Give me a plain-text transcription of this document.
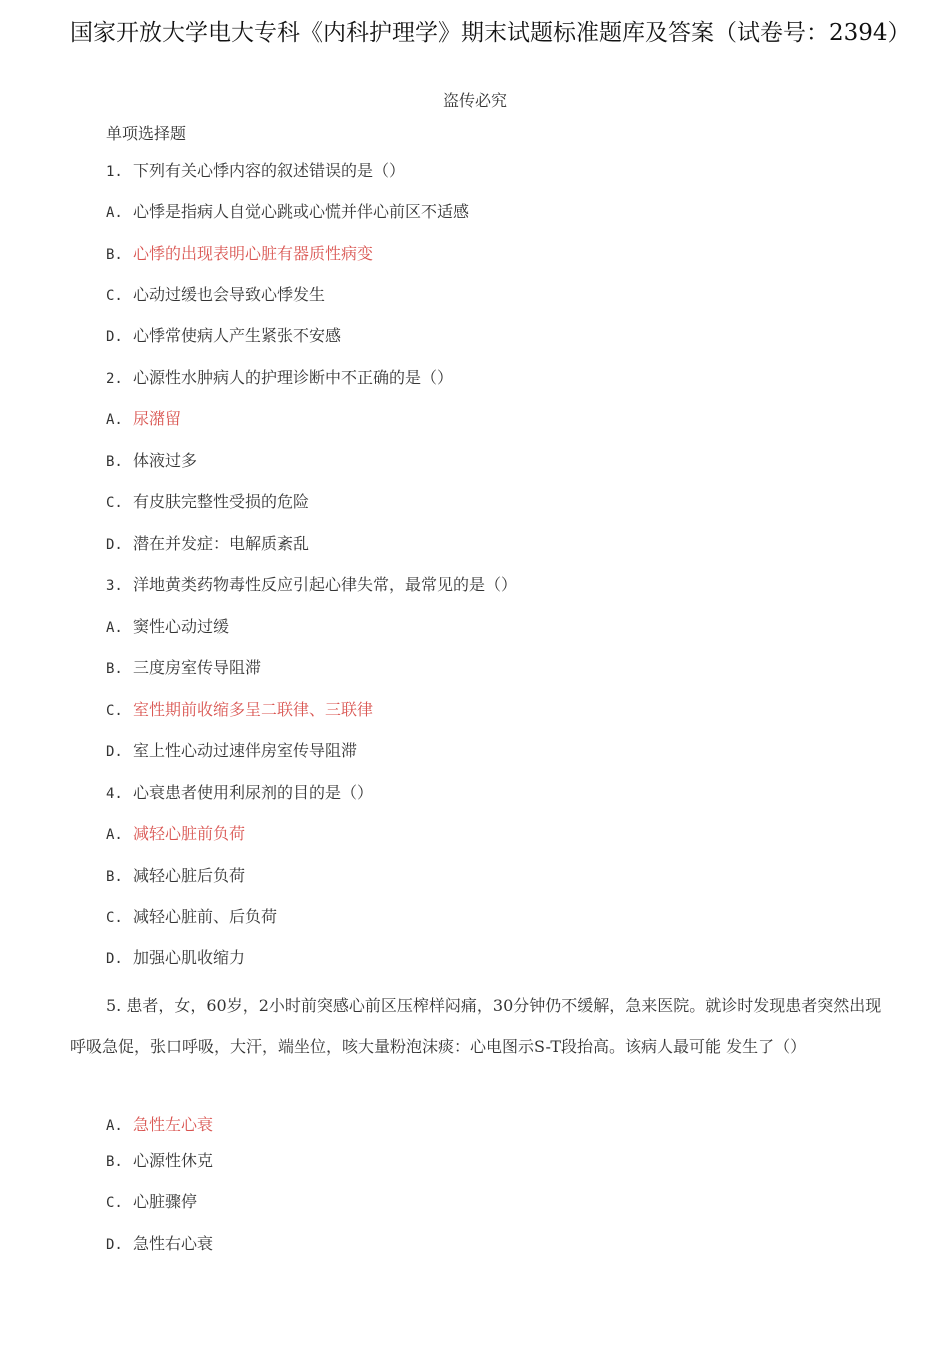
国家开放大学电大专科《内科护理学》期末试题标准题库及答案（试卷号：2394）
盗传必究
单项选择题
1. 下列有关心悸内容的叙述错误的是（）
A. 心悸是指病人自觉心跳或心慌并伴心前区不适感
B. 心悸的出现表明心脏有器质性病变
C. 心动过缓也会导致心悸发生
D. 心悸常使病人产生紧张不安感
2. 心源性水肿病人的护理诊断中不正确的是（）
A. 尿潴留
B. 体液过多
C. 有皮肤完整性受损的危险
D. 潜在并发症：电解质紊乱
3. 洋地黄类药物毒性反应引起心律失常，最常见的是（）
A. 窦性心动过缓
B. 三度房室传导阻滞
C. 室性期前收缩多呈二联律、三联律
D. 室上性心动过速伴房室传导阻滞
4. 心衰患者使用利尿剂的目的是（）
A. 减轻心脏前负荷
B. 减轻心脏后负荷
C. 减轻心脏前、后负荷
D. 加强心肌收缩力
5. 患者，女，60岁，2小时前突感心前区压榨样闷痛，30分钟仍不缓解，急来医院。就诊时发现患者突然出现呼吸急促，张口呼吸，大汗，端坐位，咳大量粉泡沫痰：心电图示S-T段抬高。该病人最可能 发生了（）
A. 急性左心衰
B. 心源性休克
C. 心脏骤停
D. 急性右心衰
